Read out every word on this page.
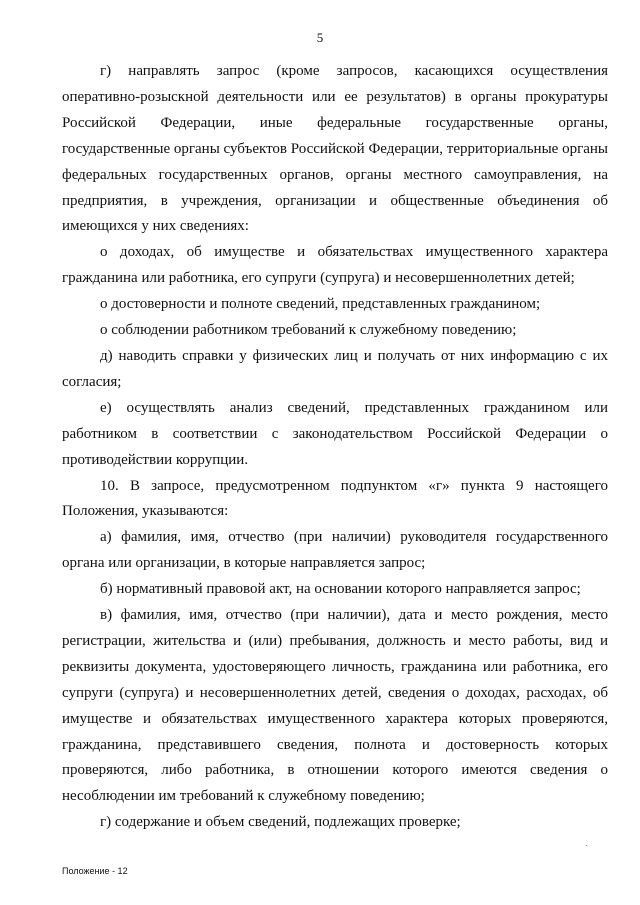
5

г) направлять запрос (кроме запросов, касающихся осуществления оперативно-розыскной деятельности или ее результатов) в органы прокуратуры Российской Федерации, иные федеральные государственные органы, государственные органы субъектов Российской Федерации, территориальные органы федеральных государственных органов, органы местного самоуправления, на предприятия, в учреждения, организации и общественные объединения об имеющихся у них сведениях:

о доходах, об имуществе и обязательствах имущественного характера гражданина или работника, его супруги (супруга) и несовершеннолетних детей;

о достоверности и полноте сведений, представленных гражданином;

о соблюдении работником требований к служебному поведению;

д) наводить справки у физических лиц и получать от них информацию с их согласия;

е) осуществлять анализ сведений, представленных гражданином или работником в соответствии с законодательством Российской Федерации о противодействии коррупции.

10. В запросе, предусмотренном подпунктом «г» пункта 9 настоящего Положения, указываются:

а) фамилия, имя, отчество (при наличии) руководителя государственного органа или организации, в которые направляется запрос;

б) нормативный правовой акт, на основании которого направляется запрос;

в) фамилия, имя, отчество (при наличии), дата и место рождения, место регистрации, жительства и (или) пребывания, должность и место работы, вид и реквизиты документа, удостоверяющего личность, гражданина или работника, его супруги (супруга) и несовершеннолетних детей, сведения о доходах, расходах, об имуществе и обязательствах имущественного характера которых проверяются, гражданина, представившего сведения, полнота и достоверность которых проверяются, либо работника, в отношении которого имеются сведения о несоблюдении им требований к служебному поведению;

г) содержание и объем сведений, подлежащих проверке;

ˏ
Положение - 12
